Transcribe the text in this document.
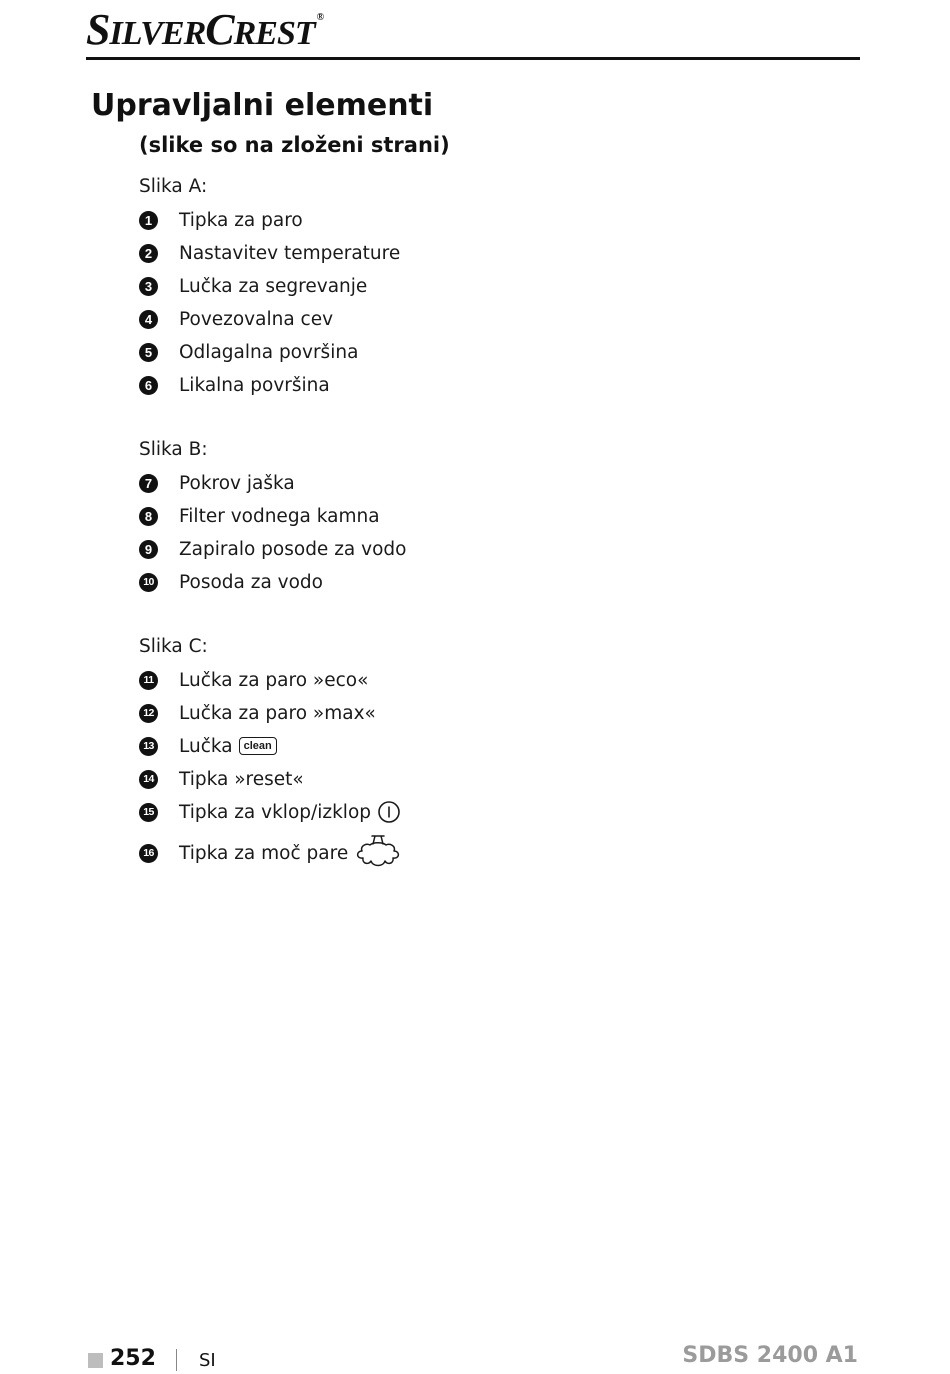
SILVERCREST ®
Upravljalni elementi
(slike so na zloženi strani)
Slika A:
1	Tipka za paro
2	Nastavitev temperature
3	Lučka za segrevanje
4	Povezovalna cev
5	Odlagalna površina
6	Likalna površina
Slika B:
7	Pokrov jaška
8	Filter vodnega kamna
9	Zapiralo posode za vodo
10 Posoda za vodo
Slika C:
11 Lučka za paro »eco«
12 Lučka za paro »max«
13 Lučka	clean
14 Tipka »reset«
15 Tipka za vklop/izklop
16 Tipka za moč pare
252 SI	SDBS 2400 A1
